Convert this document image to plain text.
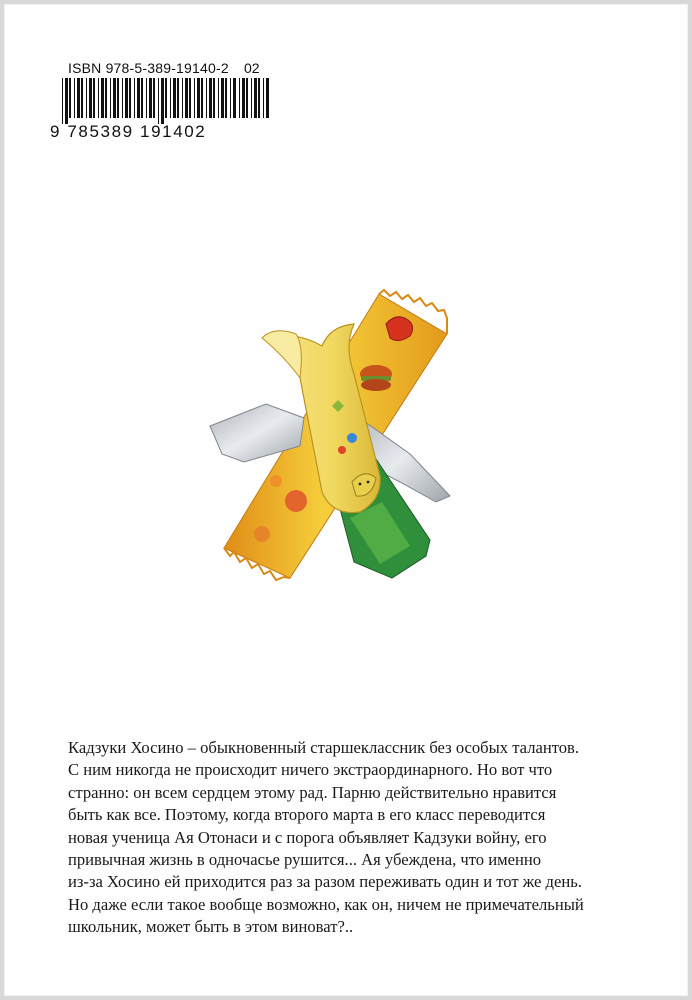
ISBN 978-5-389-19140-2 02
9 785389 191402

Кадзуки Хосино – обыкновенный старшеклассник без особых талантов.
С ним никогда не происходит ничего экстраординарного. Но вот что
странно: он всем сердцем этому рад. Парню действительно нравится
быть как все. Поэтому, когда второго марта в его класс переводится
новая ученица Ая Отонаси и с порога объявляет Кадзуки войну, его
привычная жизнь в одночасье рушится... Ая убеждена, что именно
из-за Хосино ей приходится раз за разом переживать один и тот же день.
Но даже если такое вообще возможно, как он, ничем не примечательный
школьник, может быть в этом виноват?..
